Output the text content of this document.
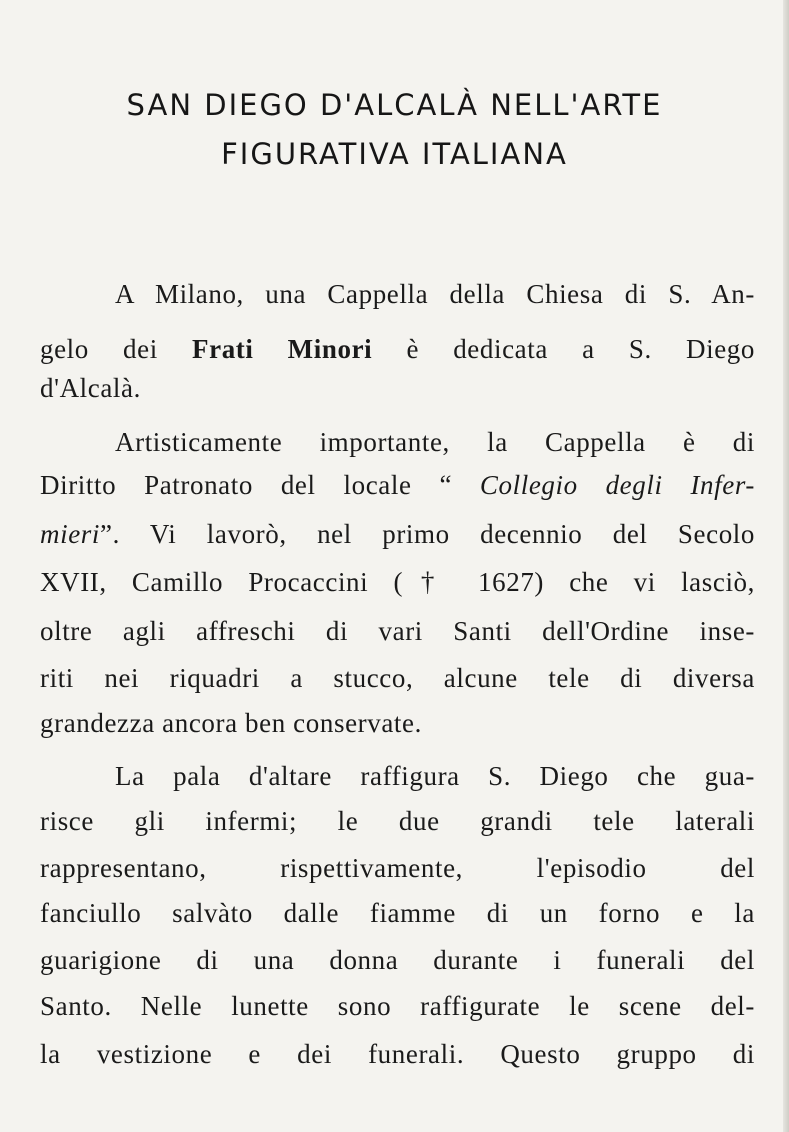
SAN DIEGO D'ALCALÀ NELL'ARTE
FIGURATIVA ITALIANA
A Milano, una Cappella della Chiesa di S. An-
gelo dei Frati Minori è dedicata a S. Diego
d'Alcalà.
Artisticamente importante, la Cappella è di
Diritto Patronato del locale “ Collegio degli Infer-
mieri”. Vi lavorò, nel primo decennio del Secolo
XVII, Camillo Procaccini († 1627) che vi lasciò,
oltre agli affreschi di vari Santi dell'Ordine inse-
riti nei riquadri a stucco, alcune tele di diversa
grandezza ancora ben conservate.
La pala d'altare raffigura S. Diego che gua-
risce gli infermi; le due grandi tele laterali
rappresentano, rispettivamente, l'episodio del
fanciullo salvàto dalle fiamme di un forno e la
guarigione di una donna durante i funerali del
Santo. Nelle lunette sono raffigurate le scene del-
la vestizione e dei funerali. Questo gruppo di
